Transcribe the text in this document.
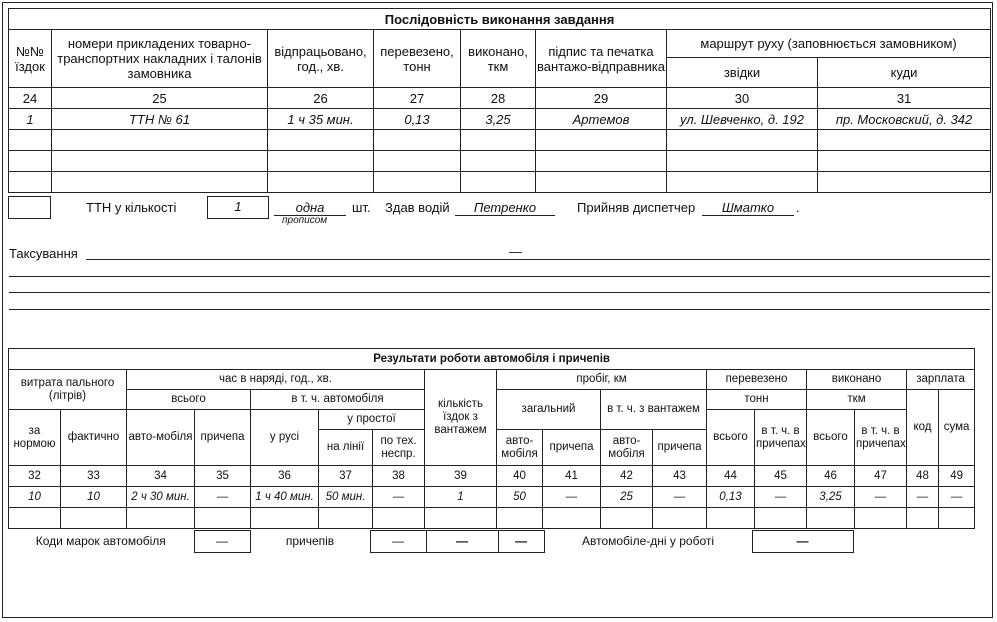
Послідовність виконання завдання							
№№ їздок	номери прикладених товарно-транспортних накладних і талонів замовника	відпрацьовано, год., хв.	перевезено, тонн	виконано, ткм	підпис та печатка вантажо-відправника	маршрут руху (заповнюється замовником)	
						звідки	куди
24	25	26	27	28	29	30	31
1	ТТН № 61	1 ч 35 мин.	0,13	3,25	Артемов	ул. Шевченко, д. 192	пр. Московский, д. 342

ТТН у кількості	1	одна
прописом
шт. Здав водій	Петренко	Прийняв диспетчер	Шматко	.
Таксування	—
Результати роботи автомобіля і причепів																	
витрата пального (літрів)		час в наряді, год., хв.					кількість їздок з вантажем	пробіг, км				перевезено		виконано		зарплата	
		всього		в т. ч. автомобіля				загальний		в т. ч. з вантажем		тонн		ткм		код	сума
за нормою	фактично	авто-мобіля	причепа	у русі	у простої							всього	в т. ч. в причепах	всього	в т. ч. в причепах		
					на лінії	по тех. неспр.		авто-мобіля	причепа	авто-мобіля	причепа						
32	33	34	35	36	37	38	39	40	41	42	43	44	45	46	47	48	49
10	10	2 ч 30 мин.	—	1 ч 40 мин.	50 мин.	—	1	50	—	25	—	0,13	—	3,25	—	—	—

Коди марок автомобіля	—	причепів	—	—	—	Автомобіле-дні у роботі	—
